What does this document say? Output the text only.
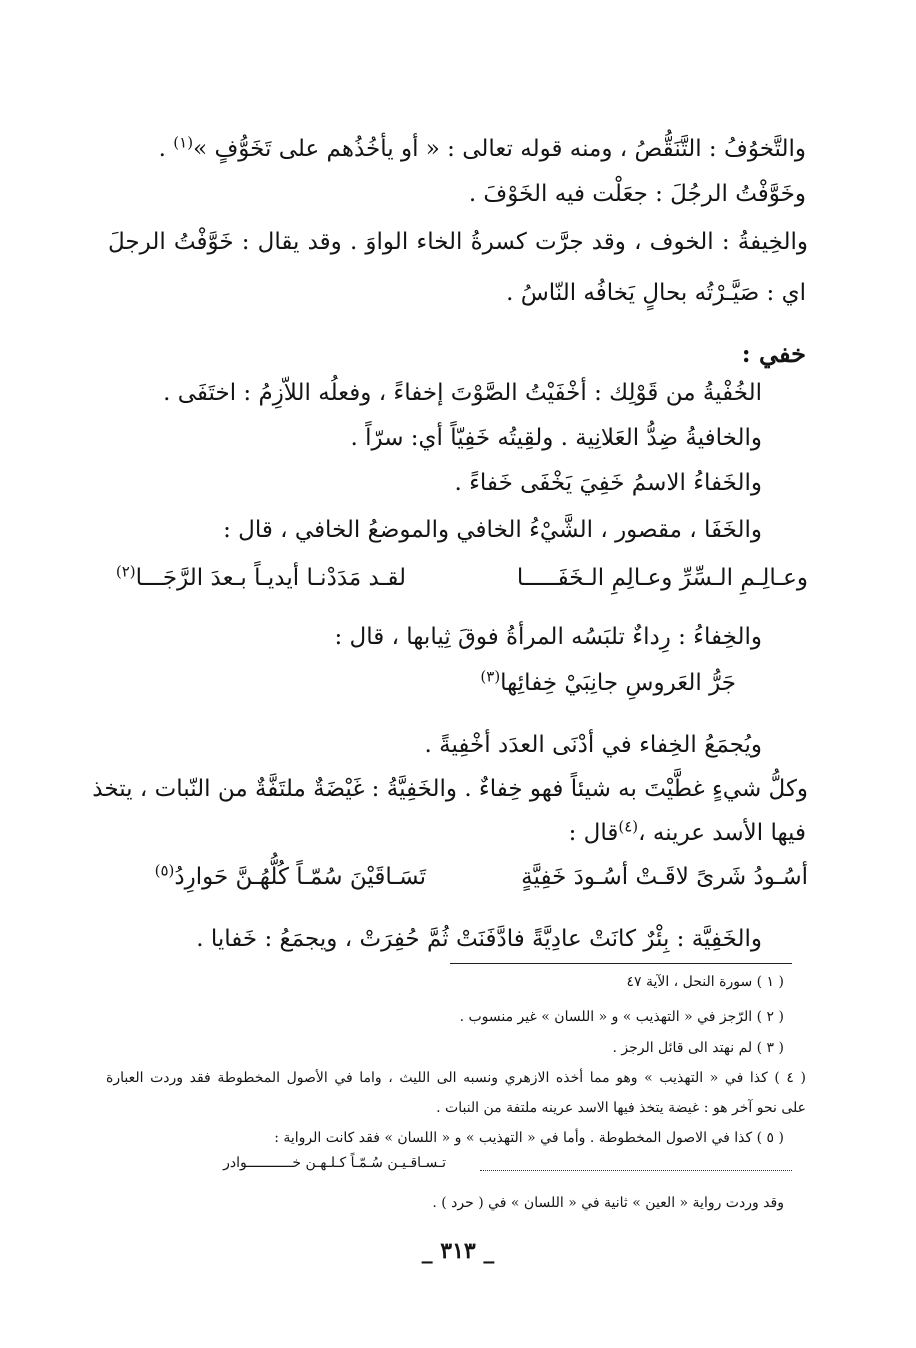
والتَّخوُفُ : التَّنَقُّصُ ، ومنه قوله تعالى : « أو يأخُذُهم على تَخَوُّفٍ »$^{(١)}$ .
وخَوَّفْتُ الرجُلَ : جعَلْت فيه الخَوْفَ .
والخِيفةُ : الخوف ، وقد جرَّت كسرةُ الخاء الواوَ . وقد يقال : خَوَّفْتُ الرجلَ
اي : صَيَّـرْتُه بحالٍ يَخافُه النّاسُ .
خفي :
الخُفْيةُ من قَوْلِك : أخْفَيْتُ الصَّوْتَ إخفاءً ، وفعلُه اللاّزِمُ : اختَفَى .
والخافيةُ ضِدُّ العَلانِية . ولقِيتُه خَفِيّاً أي: سرّاً .
والخَفاءُ الاسمُ خَفِيَ يَخْفَى خَفاءً .
والخَفَا ، مقصور ، الشَّيْءُ الخافي والموضعُ الخافي ، قال :
وعـالِـمِ الـسِّرِّ وعـالِمِ الـخَفَـــــا
لقـد مَدَدْنـا أيديـاً بـعدَ الرَّجَـــا$^{(٢)}$
والخِفاءُ : رِداءٌ تلبَسُه المرأةُ فوقَ ثِيابها ، قال :
جَرُّ العَروسِ جانِبَيْ خِفائِها$^{(٣)}$
ويُجمَعُ الخِفاء في أدْنَى العدَد أخْفِيةً .
وكلُّ شيءٍ غطَّيْتَ به شيئاً فهو خِفاءٌ . والخَفِيَّةُ : غَيْضَةٌ ملتَفَّةٌ من النّبات ، يتخذ
فيها الأسد عرينه ،$^{(٤)}$قال :
أسُـودُ شَرىً لاقَـتْ أسُـودَ خَفِيَّةٍ
تَسَـاقَيْنَ سُمّـاً كُلُّهُـنَّ حَوارِدُ$^{(٥)}$
والخَفِيَّة : بِئْرٌ كانَتْ عادِيَّةً فادَّفَنَتْ ثُمَّ حُفِرَتْ ، ويجمَعُ : خَفايا .
( ١ ) سورة النحل ، الآية ٤٧
( ٢ ) الرّجز في « التهذيب » و « اللسان » غير منسوب .
( ٣ ) لم نهتد الى قائل الرجز .
( ٤ ) كذا في « التهذيب » وهو مما أخذه الازهري ونسبه الى الليث ، واما في الأصول المخطوطة فقد وردت العبارة
على نحو آخر هو : غيضة يتخذ فيها الاسد عرينه ملتفة من النبات .
( ٥ ) كذا في الاصول المخطوطة . وأما في « التهذيب » و « اللسان » فقد كانت الرواية :
تـسـاقـيـن سُـمّـاً كـلـهـن خـــــــــــوادر
وقد وردت رواية « العين » ثانية في « اللسان » في ( حرد ) .
_ ٣١٣ _
